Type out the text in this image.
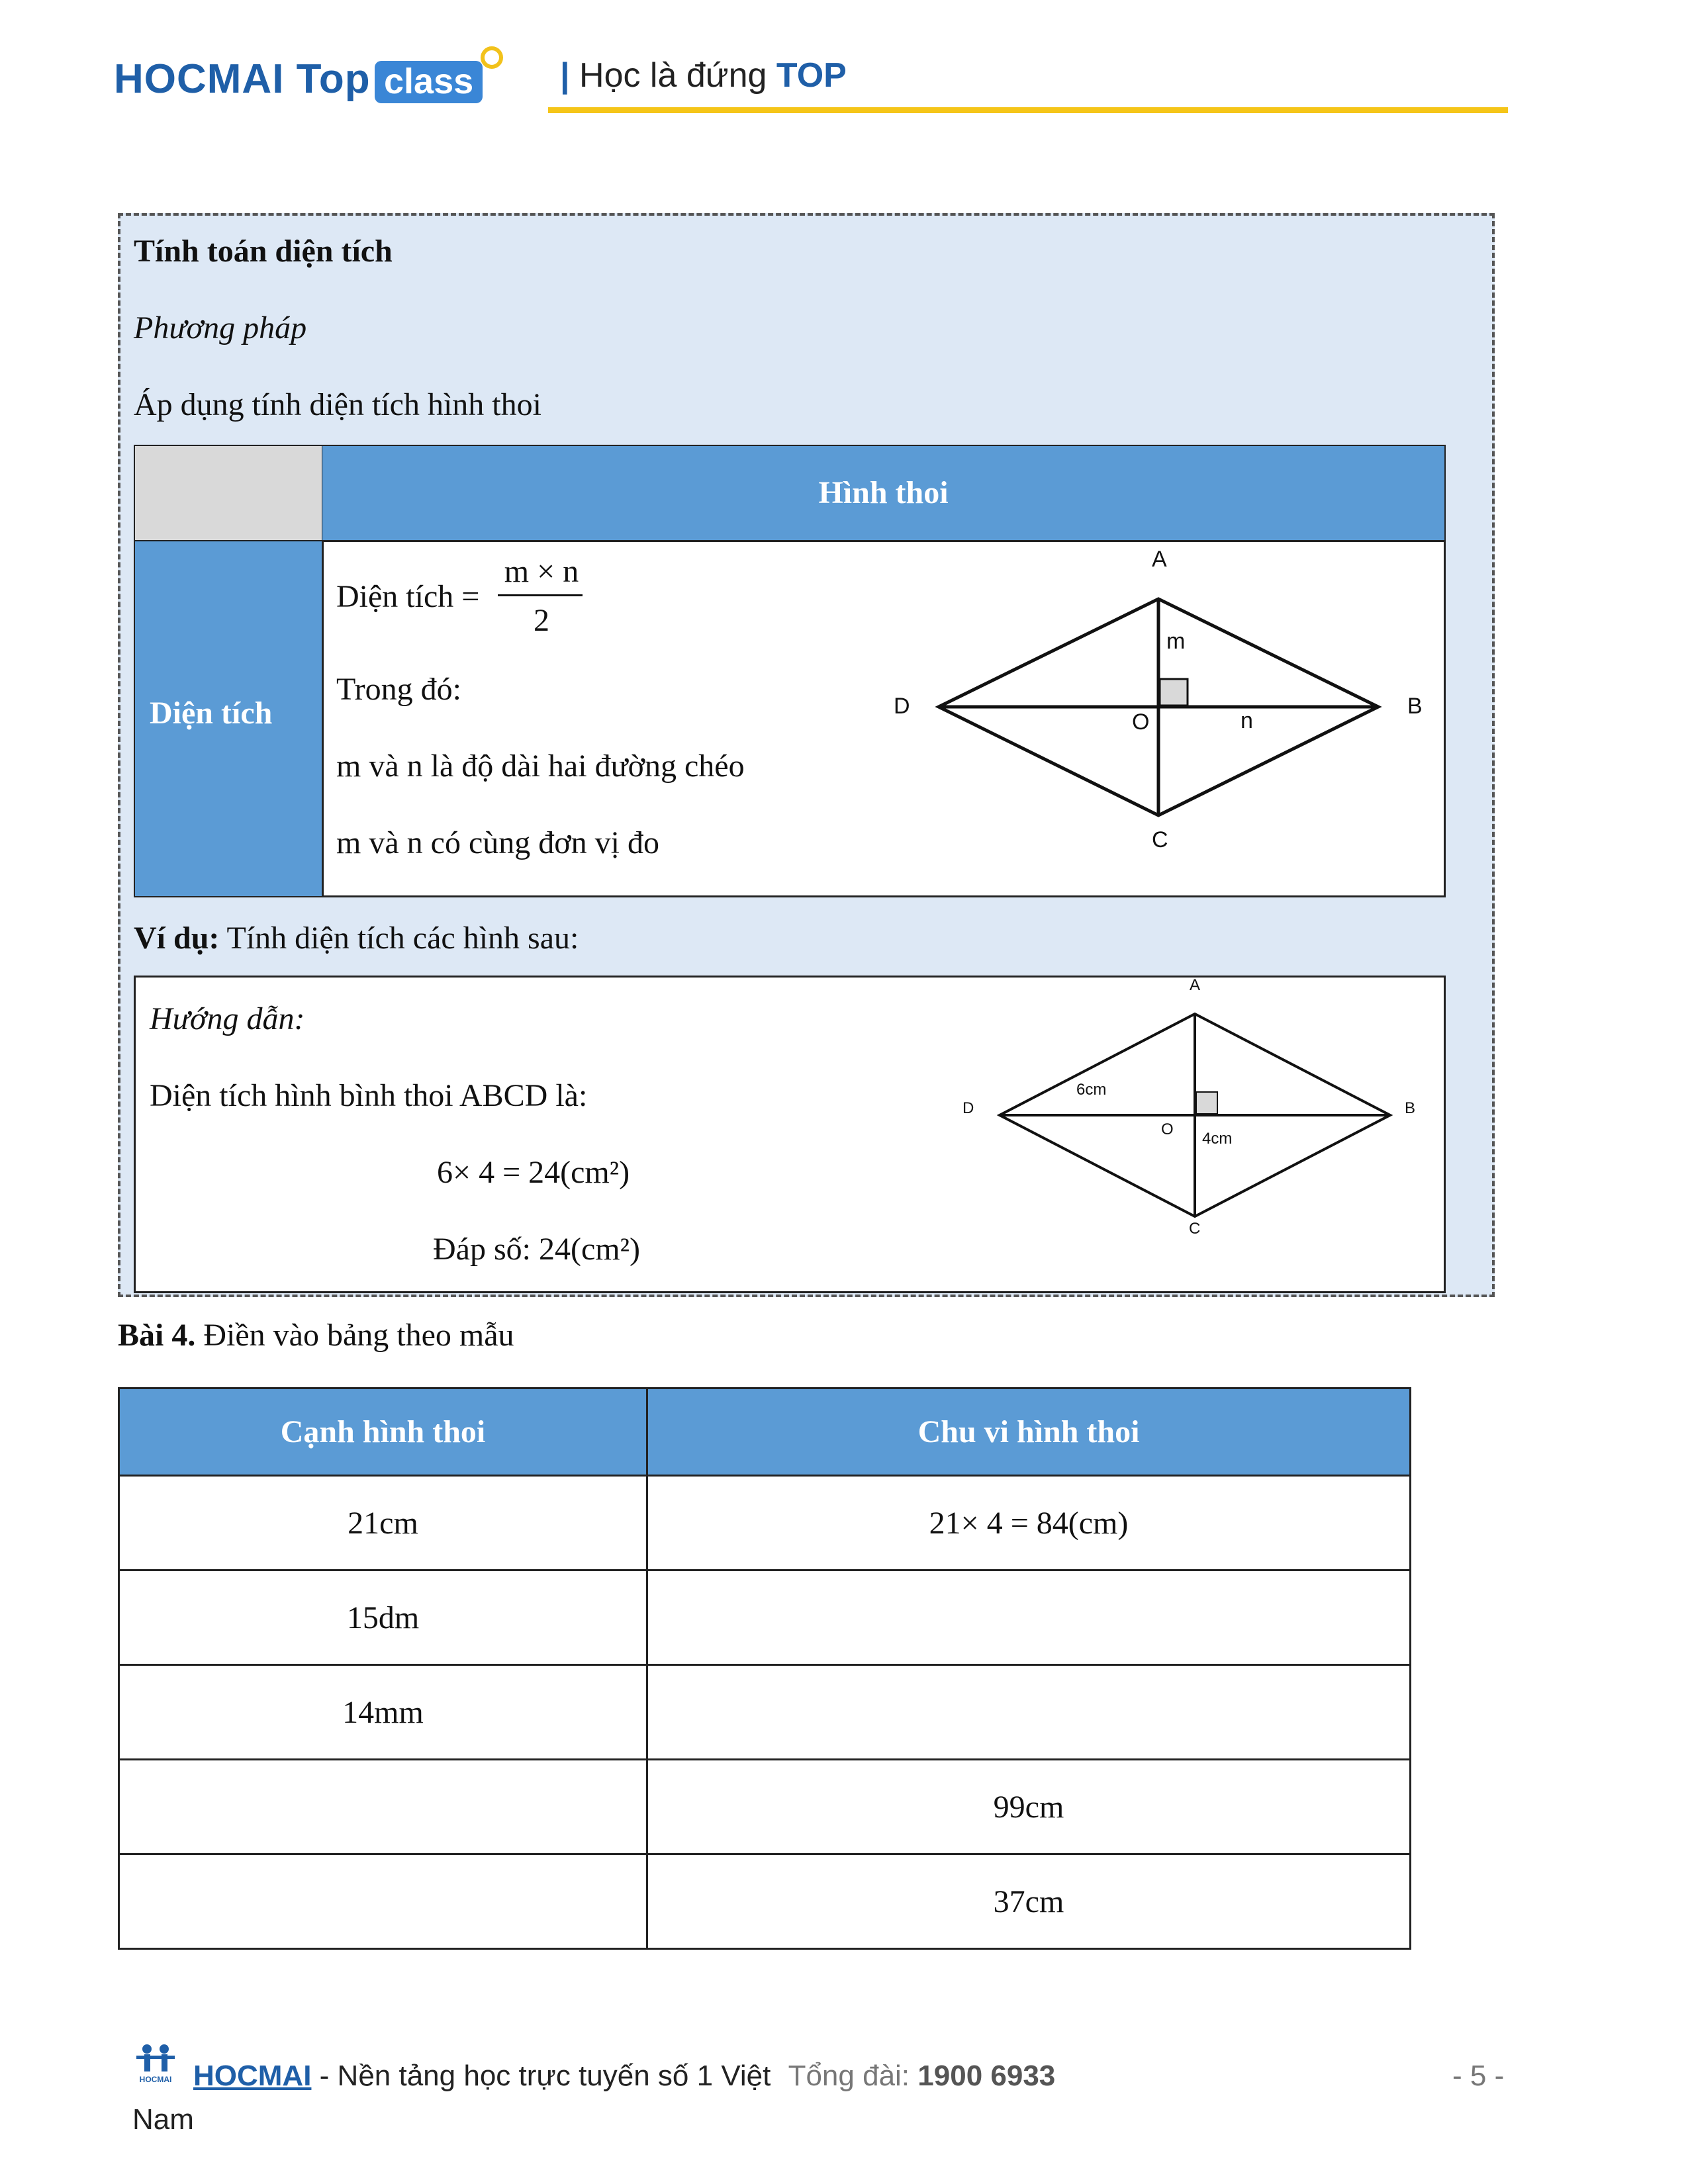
HOCMAI Top class	| Học là đứng TOP
Tính toán diện tích
Phương pháp
Áp dụng tính diện tích hình thoi
Hình thoi
Diện tích
Diện tích =
m × n
2
Trong đó:
m và n là độ dài hai đường chéo
m và n có cùng đơn vị đo
A
B
C
D
O
m
n
Ví dụ: Tính diện tích các hình sau:
Hướng dẫn:
Diện tích hình bình thoi ABCD là:
6× 4 = 24(cm²)
Đáp số: 24(cm²)
A
B
C
D
O
6cm
4cm
Bài 4. Điền vào bảng theo mẫu
Cạnh hình thoi	Chu vi hình thoi
21cm	21× 4 = 84(cm)
15dm	
14mm	
	99cm
	37cm
HOCMAI HOCMAI - Nền tảng học trực tuyến số 1 Việt Tổng đài: 1900 6933	- 5 -
Nam
